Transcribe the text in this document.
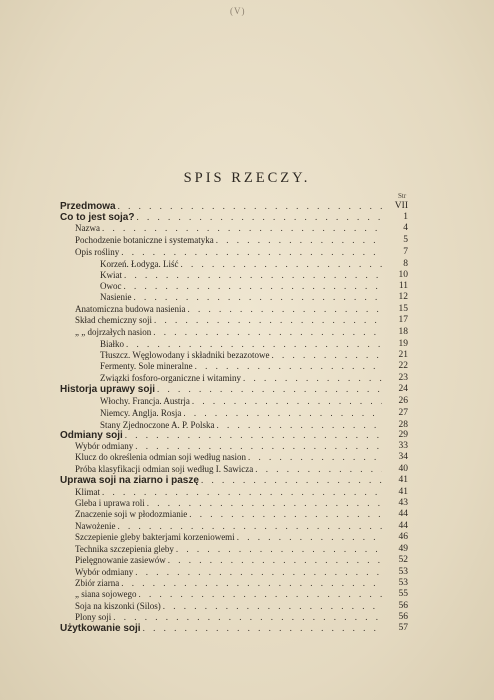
(V)
SPIS RZECZY.
Str
Przedmowa . . .	VII
Co to jest soja? . . .	1
Nazwa . . .	4
Pochodzenie botaniczne i systematyka . . .	5
Opis rośliny . . .	7
Korzeń. Łodyga. Liść . . .	8
Kwiat . . .	10
Owoc . . .	11
Nasienie . . .	12
Anatomiczna budowa nasienia . . .	15
Skład chemiczny soji . . .	17
„ „ dojrzałych nasion . . .	18
Białko . . .	19
Tłuszcz. Węglowodany i składniki bezazotowe . . .	21
Fermenty. Sole mineralne . . .	22
Związki fosforo-organiczne i witaminy . . .	23
Historja uprawy soji . . .	24
Włochy. Francja. Austrja . . .	26
Niemcy. Anglja. Rosja . . .	27
Stany Zjednoczone A. P. Polska . . .	28
Odmiany soji . . .	29
Wybór odmiany . . .	33
Klucz do określenia odmian soji według nasion . . .	34
Próba klasyfikacji odmian soji według I. Sawicza . . .	40
Uprawa soji na ziarno i paszę . . .	41
Klimat . . .	41
Gleba i uprawa roli . . .	43
Znaczenie soji w płodozmianie . . .	44
Nawożenie . . .	44
Szczepienie gleby bakterjami korzeniowemi . . .	46
Technika szczepienia gleby . . .	49
Pielęgnowanie zasiewów . . .	52
Wybór odmiany . . .	53
Zbiór ziarna . . .	53
„ siana sojowego . . .	55
Soja na kiszonki (Silos) . . .	56
Plony soji . . .	56
Użytkowanie soji . . .	57
